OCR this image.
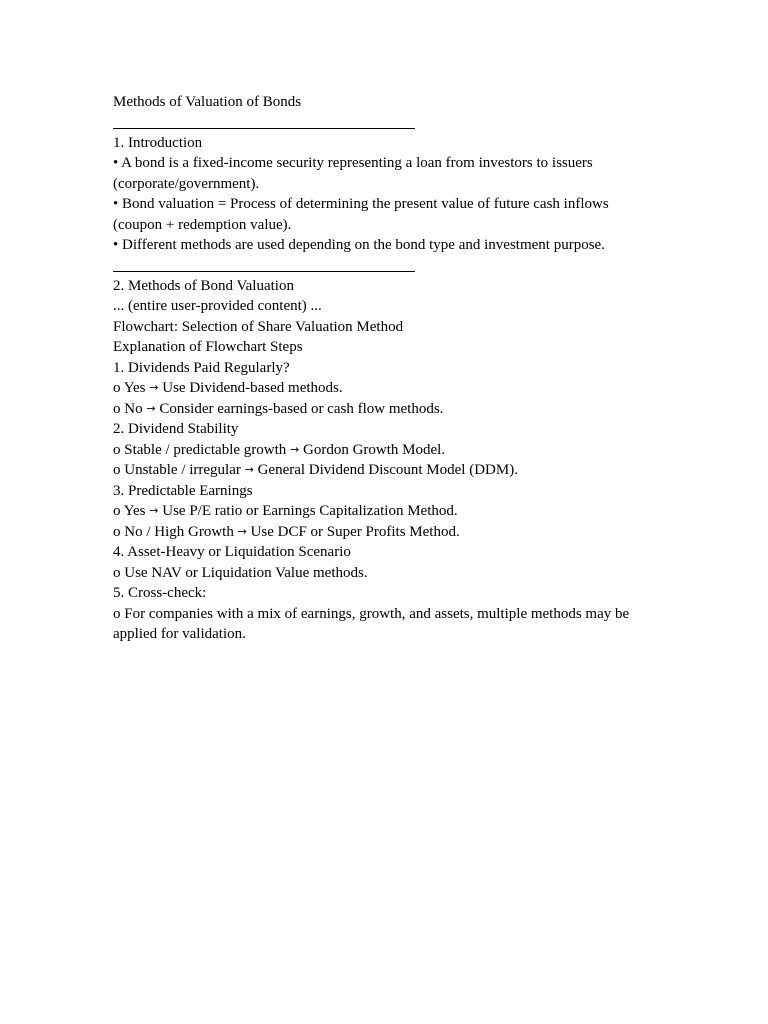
Methods of Valuation of Bonds
1. Introduction
• A bond is a fixed-income security representing a loan from investors to issuers (corporate/government).
• Bond valuation = Process of determining the present value of future cash inflows (coupon + redemption value).
• Different methods are used depending on the bond type and investment purpose.
2. Methods of Bond Valuation
... (entire user-provided content) ...
Flowchart: Selection of Share Valuation Method
Explanation of Flowchart Steps
1. Dividends Paid Regularly?
o Yes → Use Dividend-based methods.
o No → Consider earnings-based or cash flow methods.
2. Dividend Stability
o Stable / predictable growth → Gordon Growth Model.
o Unstable / irregular → General Dividend Discount Model (DDM).
3. Predictable Earnings
o Yes → Use P/E ratio or Earnings Capitalization Method.
o No / High Growth → Use DCF or Super Profits Method.
4. Asset-Heavy or Liquidation Scenario
o Use NAV or Liquidation Value methods.
5. Cross-check:
o For companies with a mix of earnings, growth, and assets, multiple methods may be applied for validation.
